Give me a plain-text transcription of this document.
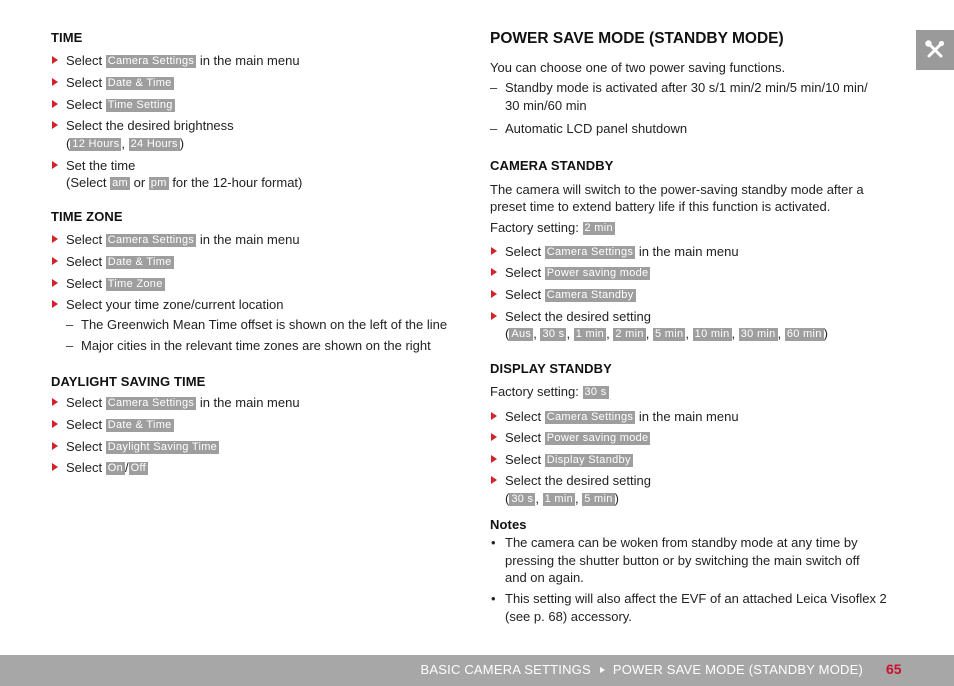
TIME
Select Camera Settings in the main menu
Select Date & Time
Select Time Setting
Select the desired brightness
( 12 Hours , 24 Hours )
Set the time
(Select am or pm for the 12-hour format)
TIME ZONE
Select Camera Settings in the main menu
Select Date & Time
Select Time Zone
Select your time zone/current location
– The Greenwich Mean Time offset is shown on the left of the line
– Major cities in the relevant time zones are shown on the right
DAYLIGHT SAVING TIME
Select Camera Settings in the main menu
Select Date & Time
Select Daylight Saving Time
Select On / Off
POWER SAVE MODE (STANDBY MODE)
You can choose one of two power saving functions.
– Standby mode is activated after 30 s/1 min/2 min/5 min/10 min/
30 min/60 min
– Automatic LCD panel shutdown
CAMERA STANDBY
The camera will switch to the power-saving standby mode after a
preset time to extend battery life if this function is activated.
Factory setting: 2 min
Select Camera Settings in the main menu
Select Power saving mode
Select Camera Standby
Select the desired setting
( Aus , 30 s , 1 min , 2 min , 5 min , 10 min , 30 min , 60 min )
DISPLAY STANDBY
Factory setting: 30 s
Select Camera Settings in the main menu
Select Power saving mode
Select Display Standby
Select the desired setting
( 30 s , 1 min , 5 min )
Notes
• The camera can be woken from standby mode at any time by
pressing the shutter button or by switching the main switch off
and on again.
• This setting will also affect the EVF of an attached Leica Visoflex 2
(see p. 68) accessory.
BASIC CAMERA SETTINGS POWER SAVE MODE (STANDBY MODE) 65
